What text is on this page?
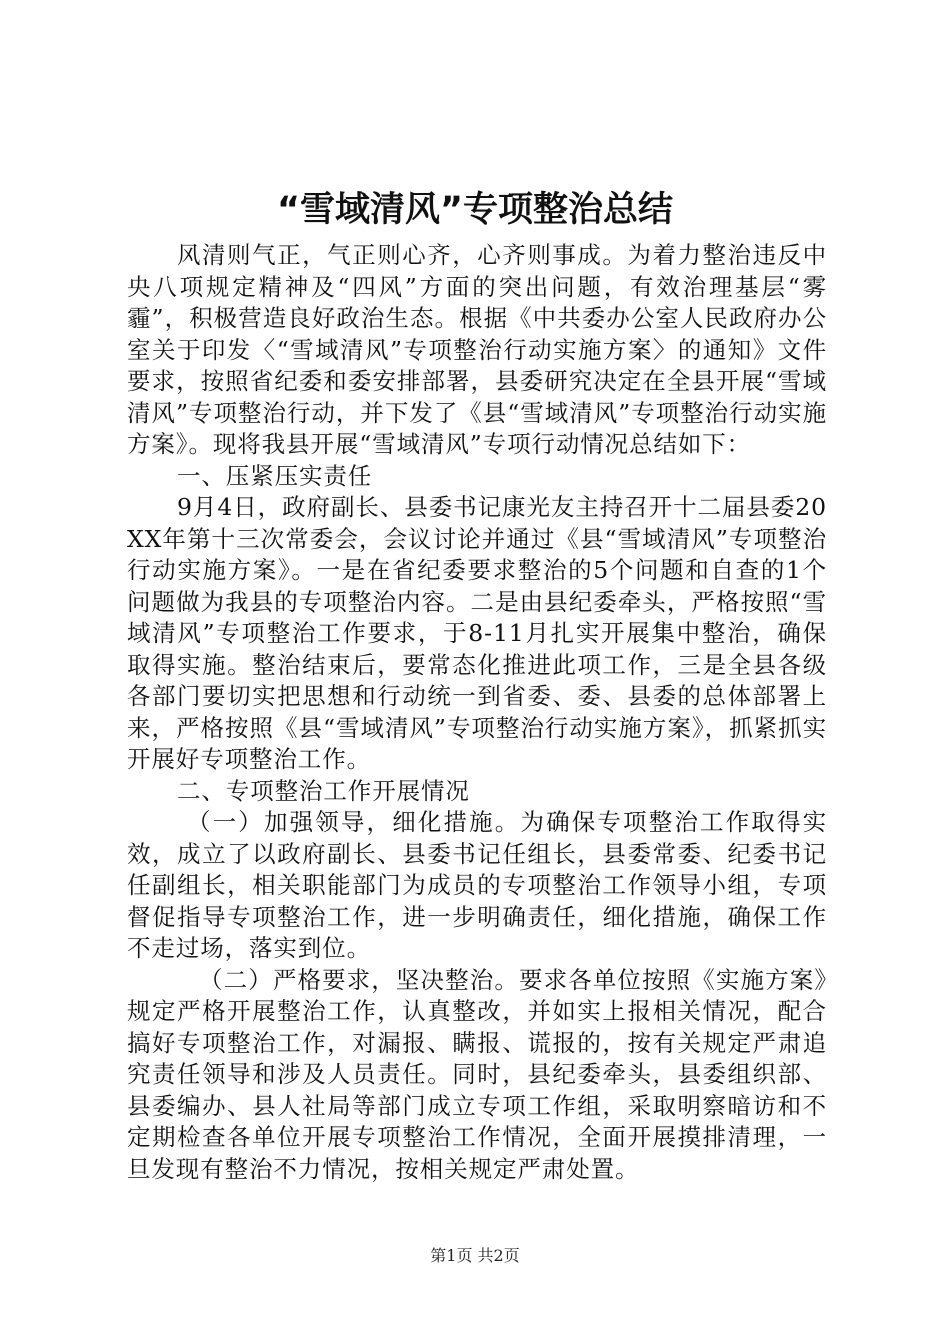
“雪域清风”专项整治总结

风清则气正，气正则心齐，心齐则事成。为着力整治违反中央八项规定精神及“四风”方面的突出问题，有效治理基层“雾霾”，积极营造良好政治生态。根据《中共委办公室人民政府办公室关于印发〈“雪域清风”专项整治行动实施方案〉的通知》文件要求，按照省纪委和委安排部署，县委研究决定在全县开展“雪域清风”专项整治行动，并下发了《县“雪域清风”专项整治行动实施方案》。现将我县开展“雪域清风”专项行动情况总结如下：

一、压紧压实责任

9月4日，政府副长、县委书记康光友主持召开十二届县委20XX年第十三次常委会，会议讨论并通过《县“雪域清风”专项整治行动实施方案》。一是在省纪委要求整治的5个问题和自查的1个问题做为我县的专项整治内容。二是由县纪委牵头，严格按照“雪域清风”专项整治工作要求，于8-11月扎实开展集中整治，确保取得实施。整治结束后，要常态化推进此项工作，三是全县各级各部门要切实把思想和行动统一到省委、委、县委的总体部署上来，严格按照《县“雪域清风”专项整治行动实施方案》，抓紧抓实开展好专项整治工作。

二、专项整治工作开展情况

（一）加强领导，细化措施。为确保专项整治工作取得实效，成立了以政府副长、县委书记任组长，县委常委、纪委书记任副组长，相关职能部门为成员的专项整治工作领导小组，专项督促指导专项整治工作，进一步明确责任，细化措施，确保工作不走过场，落实到位。

（二）严格要求，坚决整治。要求各单位按照《实施方案》规定严格开展整治工作，认真整改，并如实上报相关情况，配合搞好专项整治工作，对漏报、瞒报、谎报的，按有关规定严肃追究责任领导和涉及人员责任。同时，县纪委牵头，县委组织部、县委编办、县人社局等部门成立专项工作组，采取明察暗访和不定期检查各单位开展专项整治工作情况，全面开展摸排清理，一旦发现有整治不力情况，按相关规定严肃处置。

第1页 共2页
